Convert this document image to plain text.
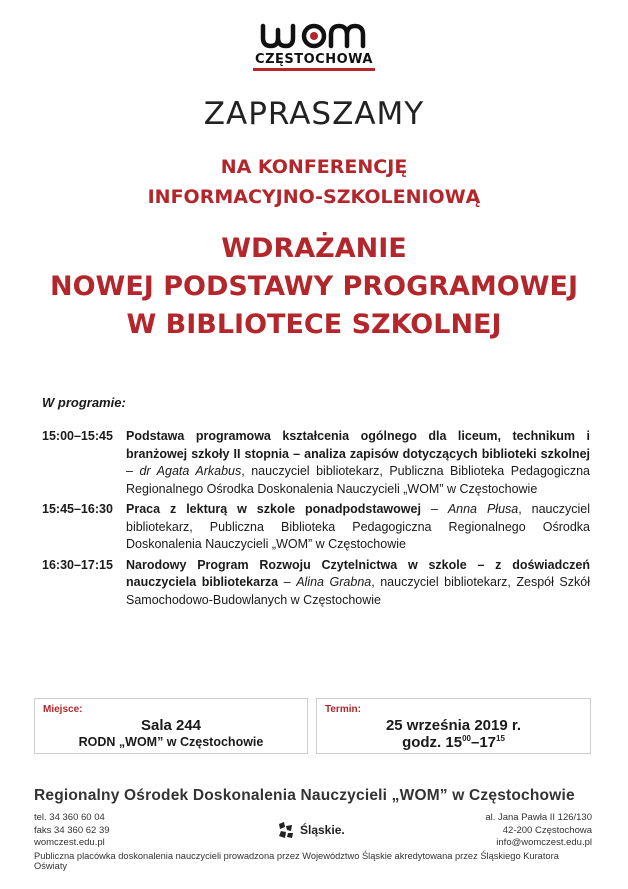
CZĘSTOCHOWA
ZAPRASZAMY
NA KONFERENCJĘ
INFORMACYJNO-SZKOLENIOWĄ
WDRAŻANIE
NOWEJ PODSTAWY PROGRAMOWEJ
W BIBLIOTECE SZKOLNEJ
W programie:
15:00–15:45	Podstawa programowa kształcenia ogólnego dla liceum, technikum i branżowej szkoły II stopnia – analiza zapisów dotyczących biblioteki szkolnej – dr Agata Arkabus, nauczyciel bibliotekarz, Publiczna Biblioteka Pedagogiczna Regionalnego Ośrodka Doskonalenia Nauczycieli „WOM” w Częstochowie
15:45–16:30	Praca z lekturą w szkole ponadpodstawowej – Anna Płusa, nauczyciel bibliotekarz, Publiczna Biblioteka Pedagogiczna Regionalnego Ośrodka Doskonalenia Nauczycieli „WOM” w Częstochowie
16:30–17:15	Narodowy Program Rozwoju Czytelnictwa w szkole – z doświadczeń nauczyciela bibliotekarza – Alina Grabna, nauczyciel bibliotekarz, Zespół Szkół Samochodowo-Budowlanych w Częstochowie
Miejsce:
Sala 244
RODN „WOM” w Częstochowie
Termin:
25 września 2019 r.
godz. $15^{00}-17^{15}$
Regionalny Ośrodek Doskonalenia Nauczycieli „WOM” w Częstochowie
tel. 34 360 60 04
faks 34 360 62 39
womczest.edu.pl
Śląskie.
al. Jana Pawła II 126/130
42-200 Częstochowa
info@womczest.edu.pl
Publiczna placówka doskonalenia nauczycieli prowadzona przez Województwo Śląskie akredytowana przez Śląskiego Kuratora Oświaty
